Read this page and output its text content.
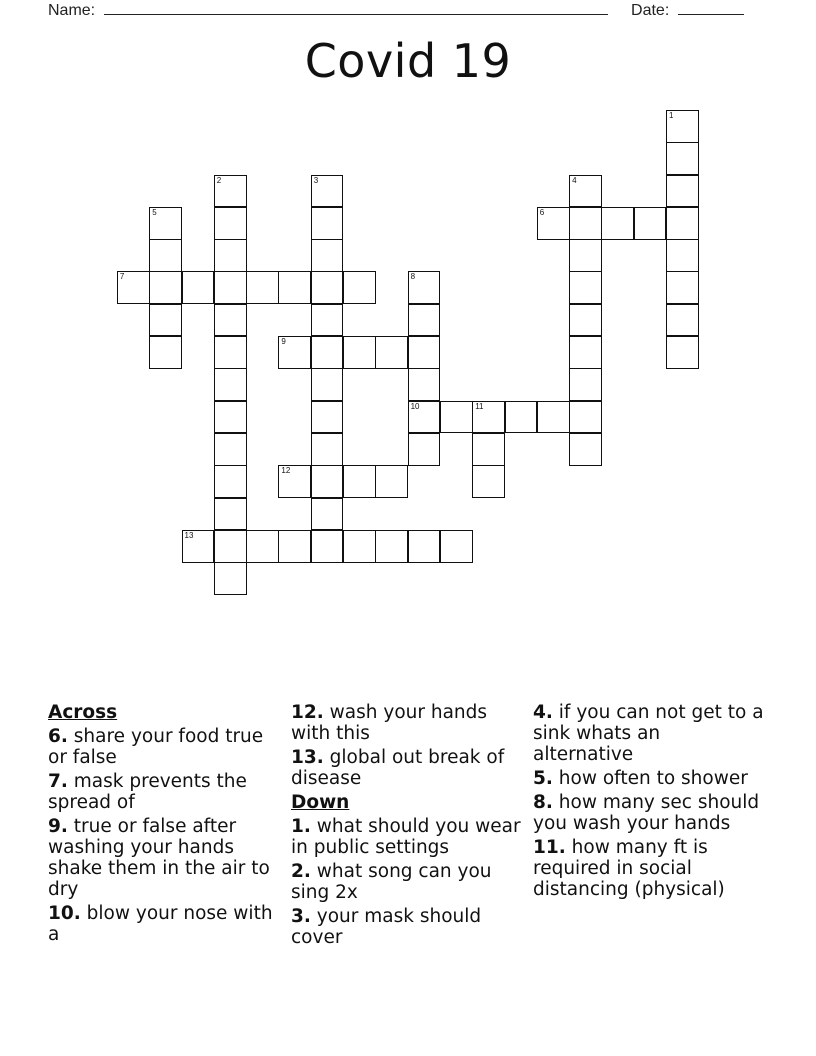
Name:	Date:
Covid 19
1
2	3	4
5	6
7	8
10
9
11
12
13
Across
6. share your food true or false
7. mask prevents the spread of
9. true or false after washing your hands shake them in the air to dry
10. blow your nose with a
12. wash your hands with this
13. global out break of disease
Down
1. what should you wear in public settings
2. what song can you sing 2x
3. your mask should cover
4. if you can not get to a sink whats an alternative
5. how often to shower
8. how many sec should you wash your hands
11. how many ft is required in social distancing (physical)
